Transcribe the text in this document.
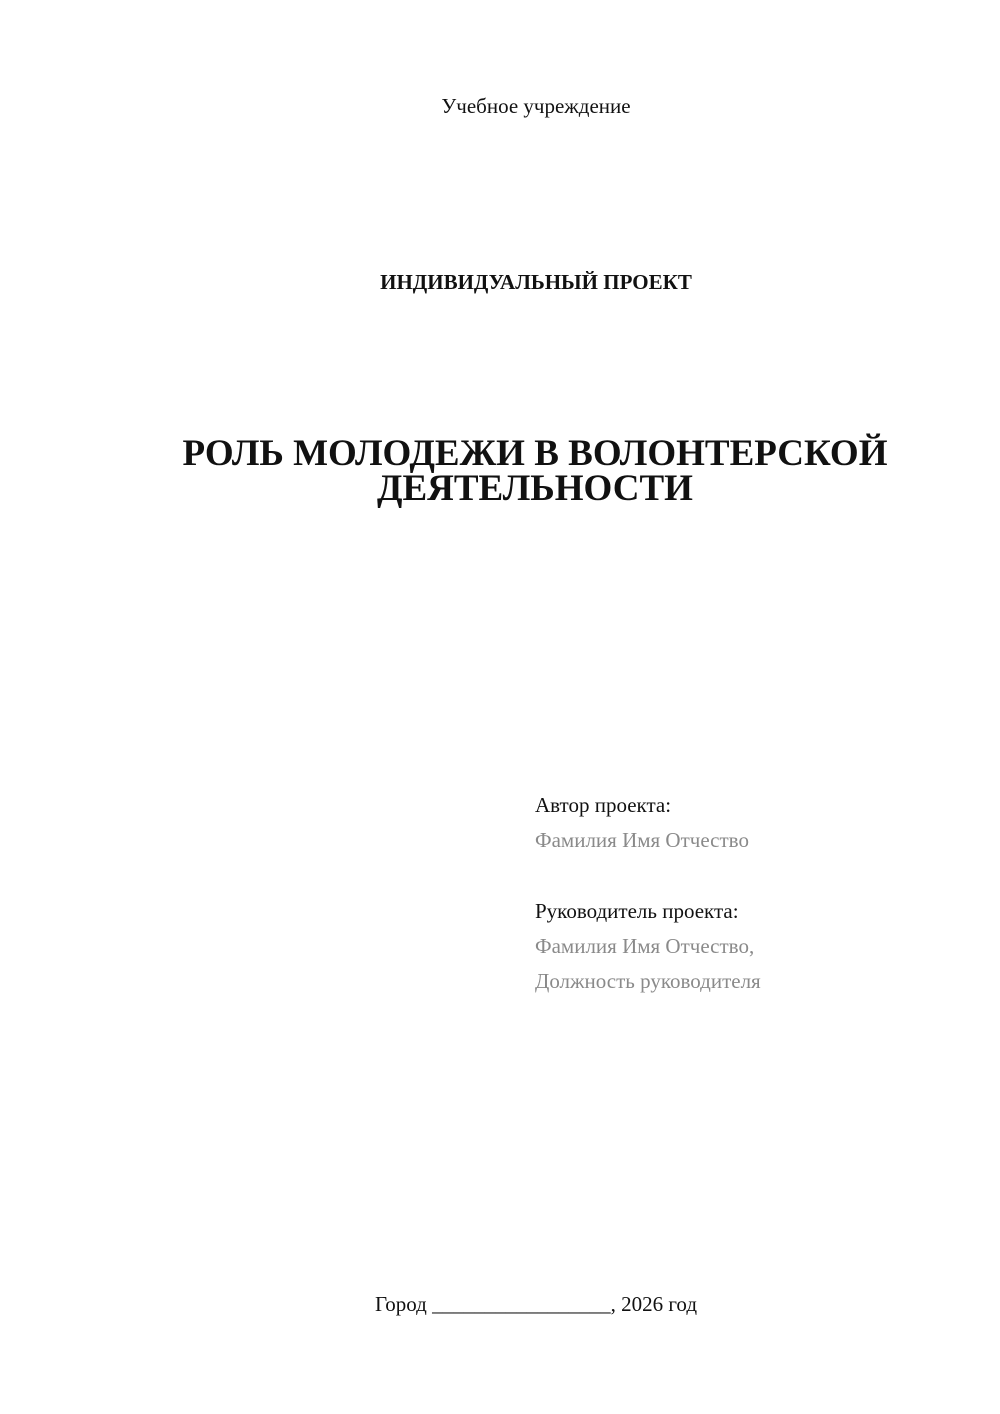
Учебное учреждение
ИНДИВИДУАЛЬНЫЙ ПРОЕКТ
РОЛЬ МОЛОДЕЖИ В ВОЛОНТЕРСКОЙ
ДЕЯТЕЛЬНОСТИ
Автор проекта:
Фамилия Имя Отчество
Руководитель проекта:
Фамилия Имя Отчество,
Должность руководителя
Город _________________, 2026 год
